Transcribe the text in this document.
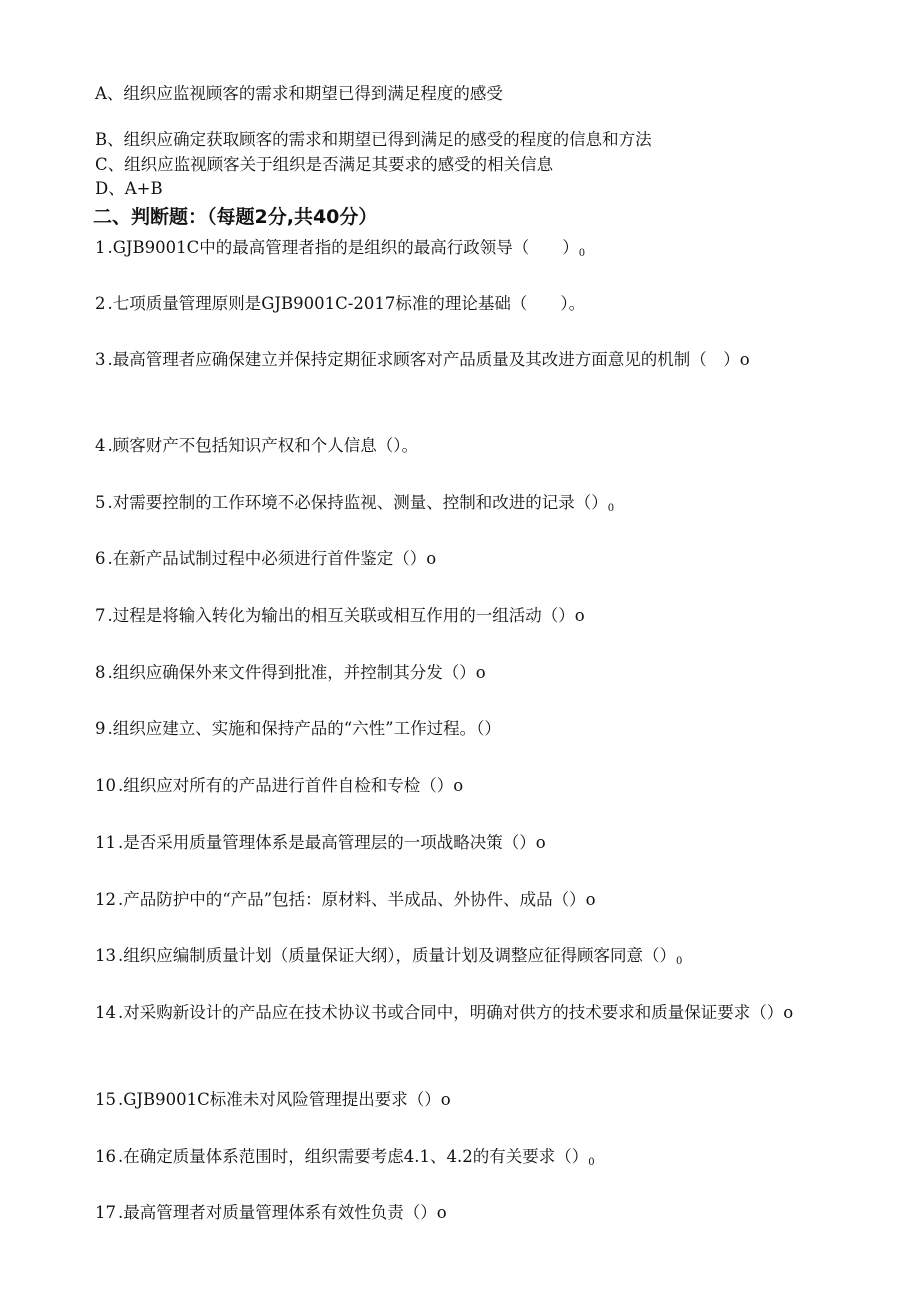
A、组织应监视顾客的需求和期望已得到满足程度的感受
B、组织应确定获取顾客的需求和期望已得到满足的感受的程度的信息和方法
C、组织应监视顾客关于组织是否满足其要求的感受的相关信息
D、A+B
二、判断题：（每题2分,共40分）
1 .GJB9001C中的最高管理者指的是组织的最高行政领导（　　）$_0$
2 .七项质量管理原则是GJB9001C-2017标准的理论基础（　　）。
3 .最高管理者应确保建立并保持定期征求顾客对产品质量及其改进方面意见的机制（　）o
4 .顾客财产不包括知识产权和个人信息（）。
5 .对需要控制的工作环境不必保持监视、测量、控制和改进的记录$()_0$
6 .在新产品试制过程中必须进行首件鉴定（）o
7 .过程是将输入转化为输出的相互关联或相互作用的一组活动（）o
8 .组织应确保外来文件得到批准，并控制其分发（）o
9 .组织应建立、实施和保持产品的“六性”工作过程。（）
10 .组织应对所有的产品进行首件自检和专检（）o
11 .是否采用质量管理体系是最高管理层的一项战略决策（）o
12 .产品防护中的“产品”包括：原材料、半成品、外协件、成品（）o
13 .组织应编制质量计划（质量保证大纲），质量计划及调整应征得顾客同意$()_0$
14 .对采购新设计的产品应在技术协议书或合同中，明确对供方的技术要求和质量保证要求（）o
15 .GJB9001C标准未对风险管理提出要求（）o
16 .在确定质量体系范围时，组织需要考虑4.1、4.2的有关要求$()_0$
17 .最高管理者对质量管理体系有效性负责（）o
